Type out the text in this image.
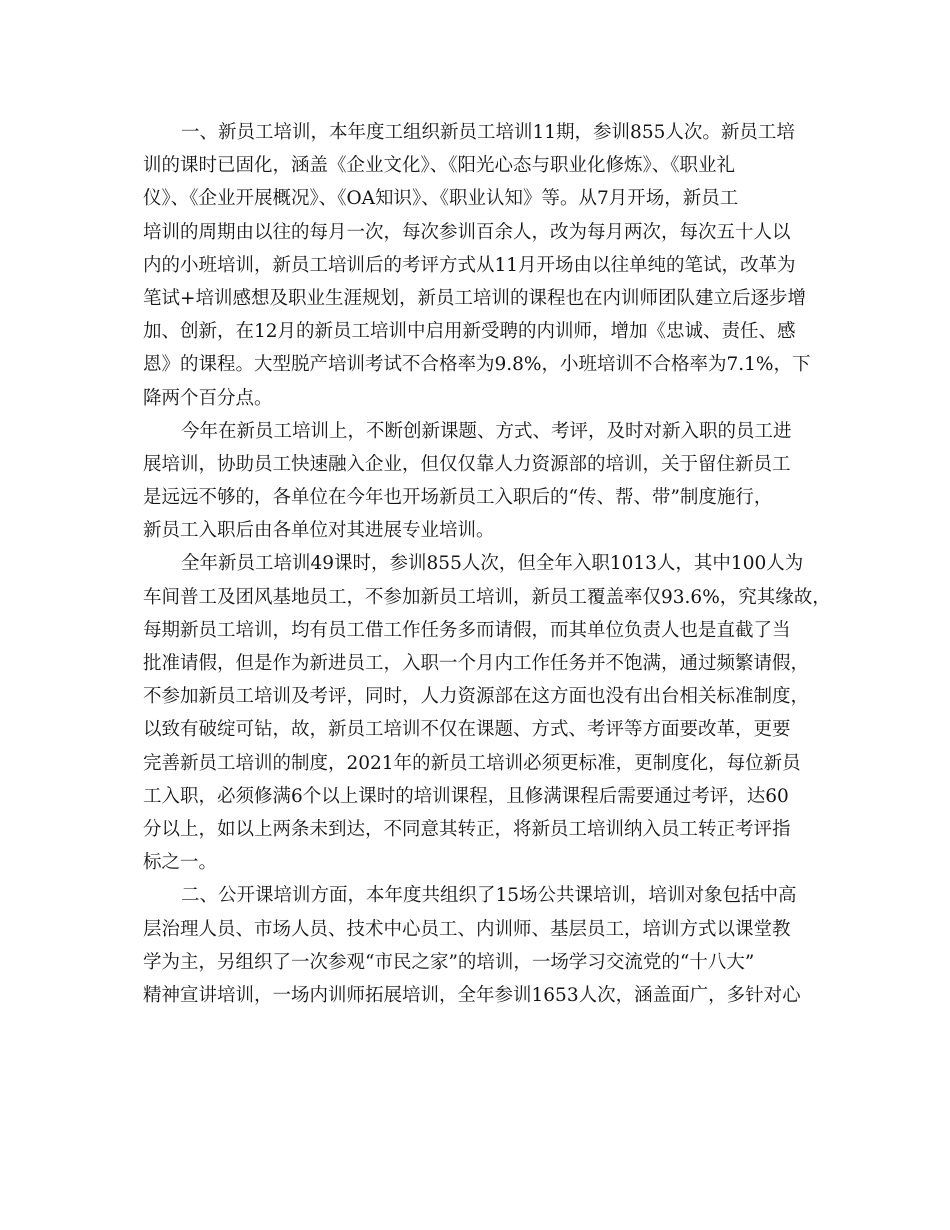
一、新员工培训，本年度工组织新员工培训11期，参训855人次。新员工培
训的课时已固化，涵盖《企业文化》、《阳光心态与职业化修炼》、《职业礼
仪》、《企业开展概况》、《OA知识》、《职业认知》等。从7月开场，新员工
培训的周期由以往的每月一次，每次参训百余人，改为每月两次，每次五十人以
内的小班培训，新员工培训后的考评方式从11月开场由以往单纯的笔试，改革为
笔试+培训感想及职业生涯规划，新员工培训的课程也在内训师团队建立后逐步增
加、创新，在12月的新员工培训中启用新受聘的内训师，增加《忠诚、责任、感
恩》的课程。大型脱产培训考试不合格率为9.8%，小班培训不合格率为7.1%，下
降两个百分点。
今年在新员工培训上，不断创新课题、方式、考评，及时对新入职的员工进
展培训，协助员工快速融入企业，但仅仅靠人力资源部的培训，关于留住新员工
是远远不够的，各单位在今年也开场新员工入职后的“传、帮、带”制度施行，
新员工入职后由各单位对其进展专业培训。
全年新员工培训49课时，参训855人次，但全年入职1013人，其中100人为
车间普工及团风基地员工，不参加新员工培训，新员工覆盖率仅93.6%，究其缘故，
每期新员工培训，均有员工借工作任务多而请假，而其单位负责人也是直截了当
批准请假，但是作为新进员工，入职一个月内工作任务并不饱满，通过频繁请假，
不参加新员工培训及考评，同时，人力资源部在这方面也没有出台相关标准制度，
以致有破绽可钻，故，新员工培训不仅在课题、方式、考评等方面要改革，更要
完善新员工培训的制度，2021年的新员工培训必须更标准，更制度化，每位新员
工入职，必须修满6个以上课时的培训课程，且修满课程后需要通过考评，达60
分以上，如以上两条未到达，不同意其转正，将新员工培训纳入员工转正考评指
标之一。
二、公开课培训方面，本年度共组织了15场公共课培训，培训对象包括中高
层治理人员、市场人员、技术中心员工、内训师、基层员工，培训方式以课堂教
学为主，另组织了一次参观“市民之家”的培训，一场学习交流党的“十八大”
精神宣讲培训，一场内训师拓展培训，全年参训1653人次，涵盖面广，多针对心
